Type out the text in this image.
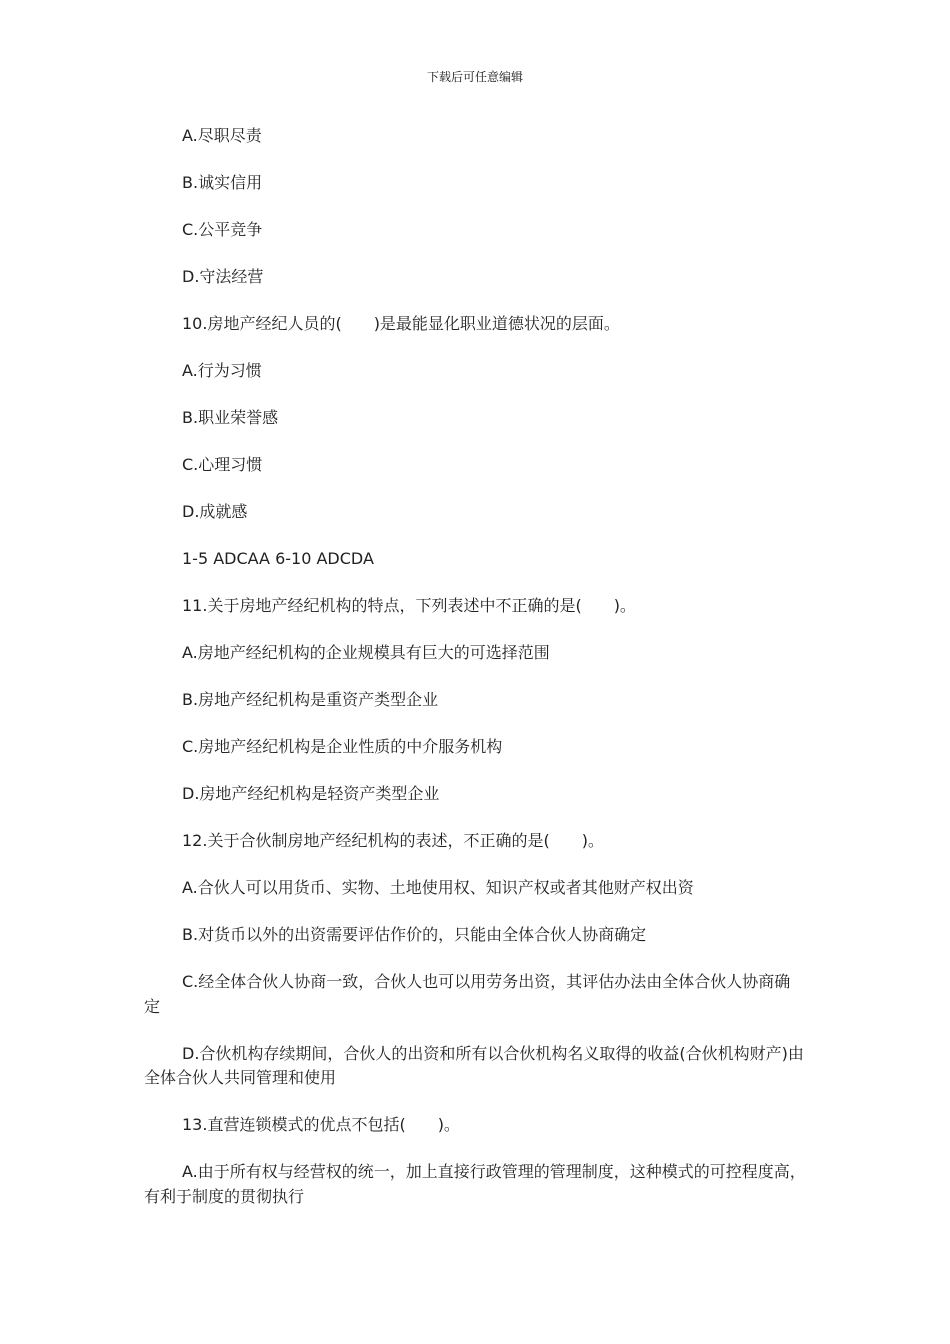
下载后可任意编辑

A.尽职尽责

B.诚实信用

C.公平竞争

D.守法经营

10.房地产经纪人员的(　　)是最能显化职业道德状况的层面。

A.行为习惯

B.职业荣誉感

C.心理习惯

D.成就感

1-5 ADCAA 6-10 ADCDA

11.关于房地产经纪机构的特点，下列表述中不正确的是(　　)。

A.房地产经纪机构的企业规模具有巨大的可选择范围

B.房地产经纪机构是重资产类型企业

C.房地产经纪机构是企业性质的中介服务机构

D.房地产经纪机构是轻资产类型企业

12.关于合伙制房地产经纪机构的表述，不正确的是(　　)。

A.合伙人可以用货币、实物、土地使用权、知识产权或者其他财产权出资

B.对货币以外的出资需要评估作价的，只能由全体合伙人协商确定

C.经全体合伙人协商一致，合伙人也可以用劳务出资，其评估办法由全体合伙人协商确定

D.合伙机构存续期间，合伙人的出资和所有以合伙机构名义取得的收益(合伙机构财产)由全体合伙人共同管理和使用

13.直营连锁模式的优点不包括(　　)。

A.由于所有权与经营权的统一，加上直接行政管理的管理制度，这种模式的可控程度高，有利于制度的贯彻执行
